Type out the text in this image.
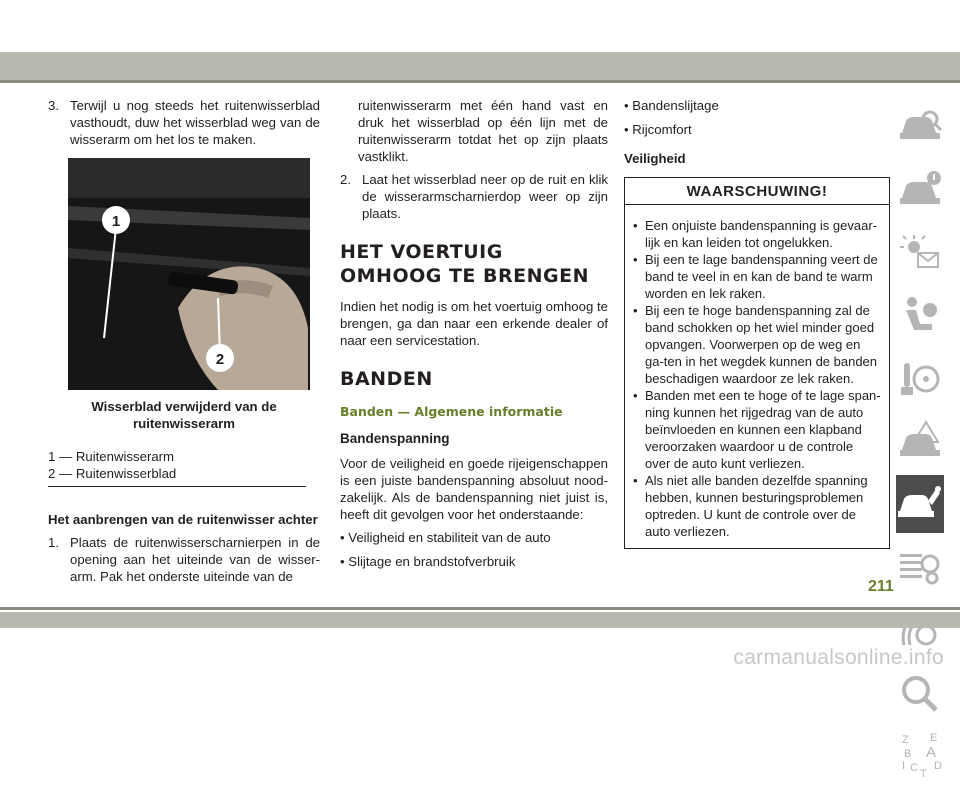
3. Terwijl u nog steeds het ruitenwisserblad vasthoudt, duw het wisserblad weg van de wisserarm om het los te maken.
1
2
Wisserblad verwijderd van de ruitenwisserarm
1 — Ruitenwisserarm
2 — Ruitenwisserblad
Het aanbrengen van de ruitenwisser achter
1. Plaats de ruitenwisserscharnierpen in de opening aan het uiteinde van de wisser-arm. Pak het onderste uiteinde van de
ruitenwisserarm met één hand vast en druk het wisserblad op één lijn met de ruitenwisserarm totdat het op zijn plaats vastklikt.
2. Laat het wisserblad neer op de ruit en klik de wisserarmscharnierdop weer op zijn plaats.
HET VOERTUIG OMHOOG TE BRENGEN

Indien het nodig is om het voertuig omhoog te brengen, ga dan naar een erkende dealer of naar een servicestation.

BANDEN
Banden — Algemene informatie
Bandenspanning

Voor de veiligheid en goede rijeigenschappen is een juiste bandenspanning absoluut nood-zakelijk. Als de bandenspanning niet juist is, heeft dit gevolgen voor het onderstaande:

• Veiligheid en stabiliteit van de auto
• Slijtage en brandstofverbruik
• Bandenslijtage
• Rijcomfort
Veiligheid
WAARSCHUWING!
• Een onjuiste bandenspanning is gevaar-lijk en kan leiden tot ongelukken.
• Bij een te lage bandenspanning veert de band te veel in en kan de band te warm worden en lek raken.
• Bij een te hoge bandenspanning zal de band schokken op het wiel minder goed opvangen. Voorwerpen op de weg en ga-ten in het wegdek kunnen de banden beschadigen waardoor ze lek raken.
• Banden met een te hoge of te lage span-ning kunnen het rijgedrag van de auto beïnvloeden en kunnen een klapband veroorzaken waardoor u de controle over de auto kunt verliezen.
• Als niet alle banden dezelfde spanning hebben, kunnen besturingsproblemen optreden. U kunt de controle over de auto verliezen.
Z E
B A
C D
I
T
211
carmanualsonline.info
